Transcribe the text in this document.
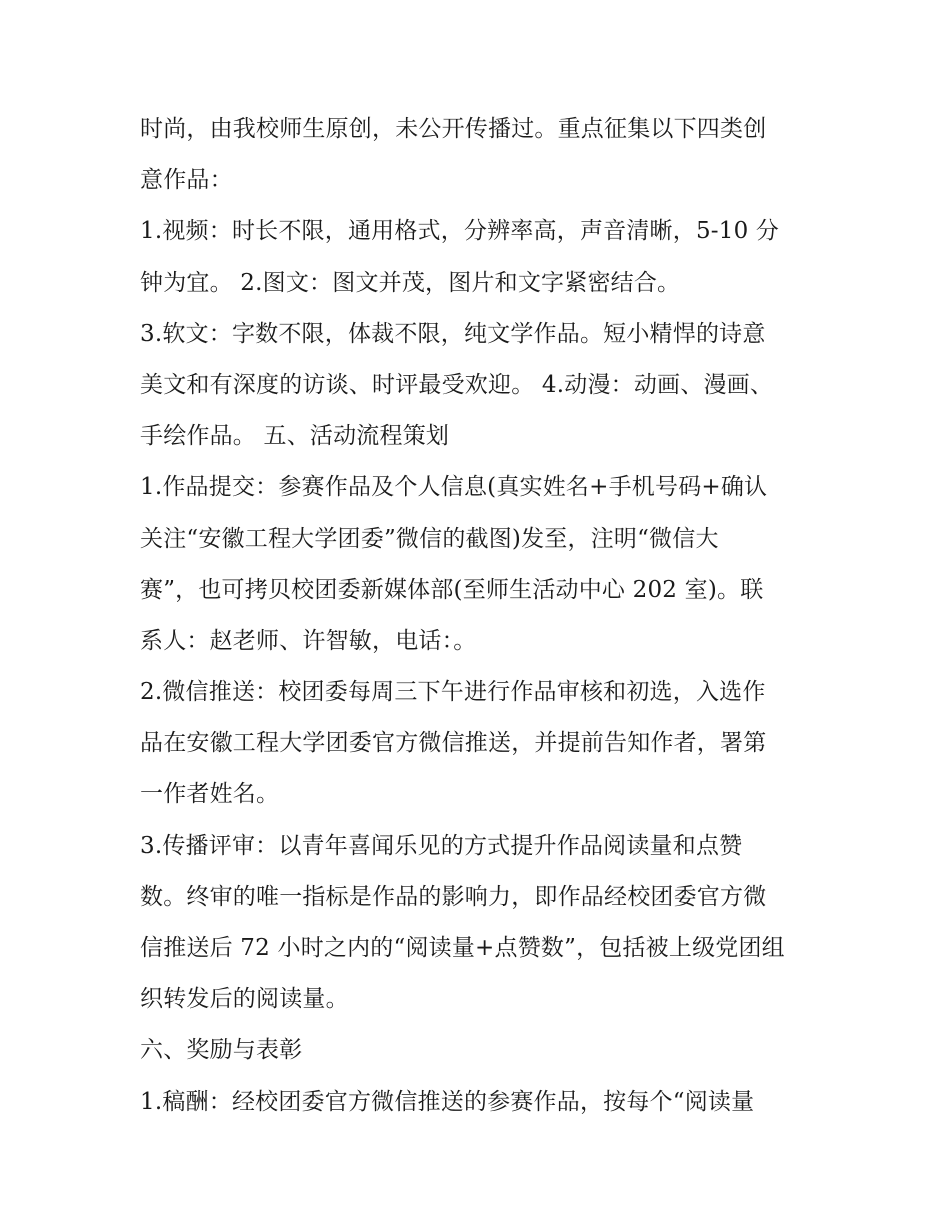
时尚，由我校师生原创，未公开传播过。重点征集以下四类创
意作品：
1.视频：时长不限，通用格式，分辨率高，声音清晰，5-10 分
钟为宜。 2.图文：图文并茂，图片和文字紧密结合。
3.软文：字数不限，体裁不限，纯文学作品。短小精悍的诗意
美文和有深度的访谈、时评最受欢迎。 4.动漫：动画、漫画、
手绘作品。 五、活动流程策划
1.作品提交：参赛作品及个人信息(真实姓名+手机号码+确认
关注“安徽工程大学团委”微信的截图)发至，注明“微信大
赛”，也可拷贝校团委新媒体部(至师生活动中心 202 室)。联
系人：赵老师、许智敏，电话：。
2.微信推送：校团委每周三下午进行作品审核和初选，入选作
品在安徽工程大学团委官方微信推送，并提前告知作者，署第
一作者姓名。
3.传播评审：以青年喜闻乐见的方式提升作品阅读量和点赞
数。终审的唯一指标是作品的影响力，即作品经校团委官方微
信推送后 72 小时之内的“阅读量+点赞数”，包括被上级党团组
织转发后的阅读量。
六、奖励与表彰
1.稿酬：经校团委官方微信推送的参赛作品，按每个“阅读量
